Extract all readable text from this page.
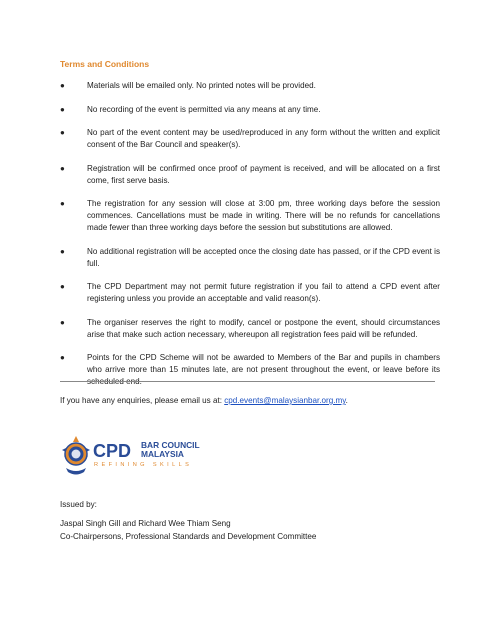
Terms and Conditions
●	Materials will be emailed only. No printed notes will be provided.
●	No recording of the event is permitted via any means at any time.
●	No part of the event content may be used/reproduced in any form without the written and explicit consent of the Bar Council and speaker(s).
●	Registration will be confirmed once proof of payment is received, and will be allocated on a first come, first serve basis.
●	The registration for any session will close at 3:00 pm, three working days before the session commences. Cancellations must be made in writing. There will be no refunds for cancellations made fewer than three working days before the session but substitutions are allowed.
●	No additional registration will be accepted once the closing date has passed, or if the CPD event is full.
●	The CPD Department may not permit future registration if you fail to attend a CPD event after registering unless you provide an acceptable and valid reason(s).
●	The organiser reserves the right to modify, cancel or postpone the event, should circumstances arise that make such action necessary, whereupon all registration fees paid will be refunded.
●	Points for the CPD Scheme will not be awarded to Members of the Bar and pupils in chambers who arrive more than 15 minutes late, are not present throughout the event, or leave before its scheduled end.
If you have any enquiries, please email us at: cpd.events@malaysianbar.org.my.
CPD BAR COUNCIL
MALAYSIA
REFINING SKILLS
Issued by:
Jaspal Singh Gill and Richard Wee Thiam Seng
Co-Chairpersons, Professional Standards and Development Committee
